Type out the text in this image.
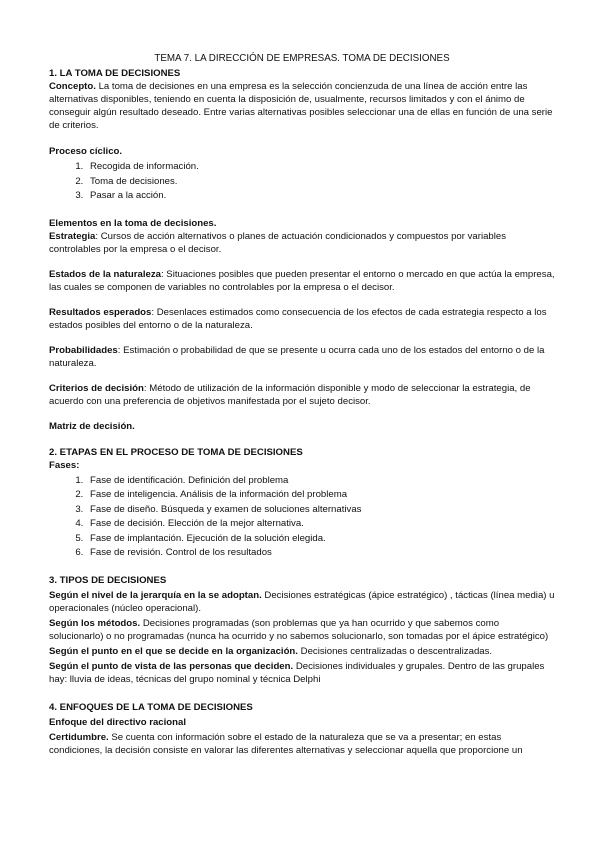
TEMA 7. LA DIRECCIÓN DE EMPRESAS. TOMA DE DECISIONES

1. LA TOMA DE DECISIONES

Concepto. La toma de decisiones en una empresa es la selección concienzuda de una línea de acción entre las alternativas disponibles, teniendo en cuenta la disposición de, usualmente, recursos limitados y con el ánimo de conseguir algún resultado deseado. Entre varias alternativas posibles seleccionar una de ellas en función de una serie de criterios.

Proceso cíclico.

1. Recogida de información.
2. Toma de decisiones.
3. Pasar a la acción.

Elementos en la toma de decisiones.

Estrategia: Cursos de acción alternativos o planes de actuación condicionados y compuestos por variables controlables por la empresa o el decisor.

Estados de la naturaleza: Situaciones posibles que pueden presentar el entorno o mercado en que actúa la empresa, las cuales se componen de variables no controlables por la empresa o el decisor.

Resultados esperados: Desenlaces estimados como consecuencia de los efectos de cada estrategia respecto a los estados posibles del entorno o de la naturaleza.

Probabilidades: Estimación o probabilidad de que se presente u ocurra cada uno de los estados del entorno o de la naturaleza.

Criterios de decisión: Método de utilización de la información disponible y modo de seleccionar la estrategia, de acuerdo con una preferencia de objetivos manifestada por el sujeto decisor.

Matriz de decisión.

2. ETAPAS EN EL PROCESO DE TOMA DE DECISIONES

Fases:

1. Fase de identificación. Definición del problema
2. Fase de inteligencia. Análisis de la información del problema
3. Fase de diseño. Búsqueda y examen de soluciones alternativas
4. Fase de decisión. Elección de la mejor alternativa.
5. Fase de implantación. Ejecución de la solución elegida.
6. Fase de revisión. Control de los resultados

3. TIPOS DE DECISIONES

Según el nivel de la jerarquía en la se adoptan. Decisiones estratégicas (ápice estratégico) , tácticas (línea media) u operacionales (núcleo operacional).

Según los métodos. Decisiones programadas (son problemas que ya han ocurrido y que sabemos como solucionarlo) o no programadas (nunca ha ocurrido y no sabemos solucionarlo, son tomadas por el ápice estratégico)

Según el punto en el que se decide en la organización. Decisiones centralizadas o descentralizadas.

Según el punto de vista de las personas que deciden. Decisiones individuales y grupales. Dentro de las grupales hay: lluvia de ideas, técnicas del grupo nominal y técnica Delphi

4. ENFOQUES DE LA TOMA DE DECISIONES

Enfoque del directivo racional

Certidumbre. Se cuenta con información sobre el estado de la naturaleza que se va a presentar; en estas condiciones, la decisión consiste en valorar las diferentes alternativas y seleccionar aquella que proporcione un
